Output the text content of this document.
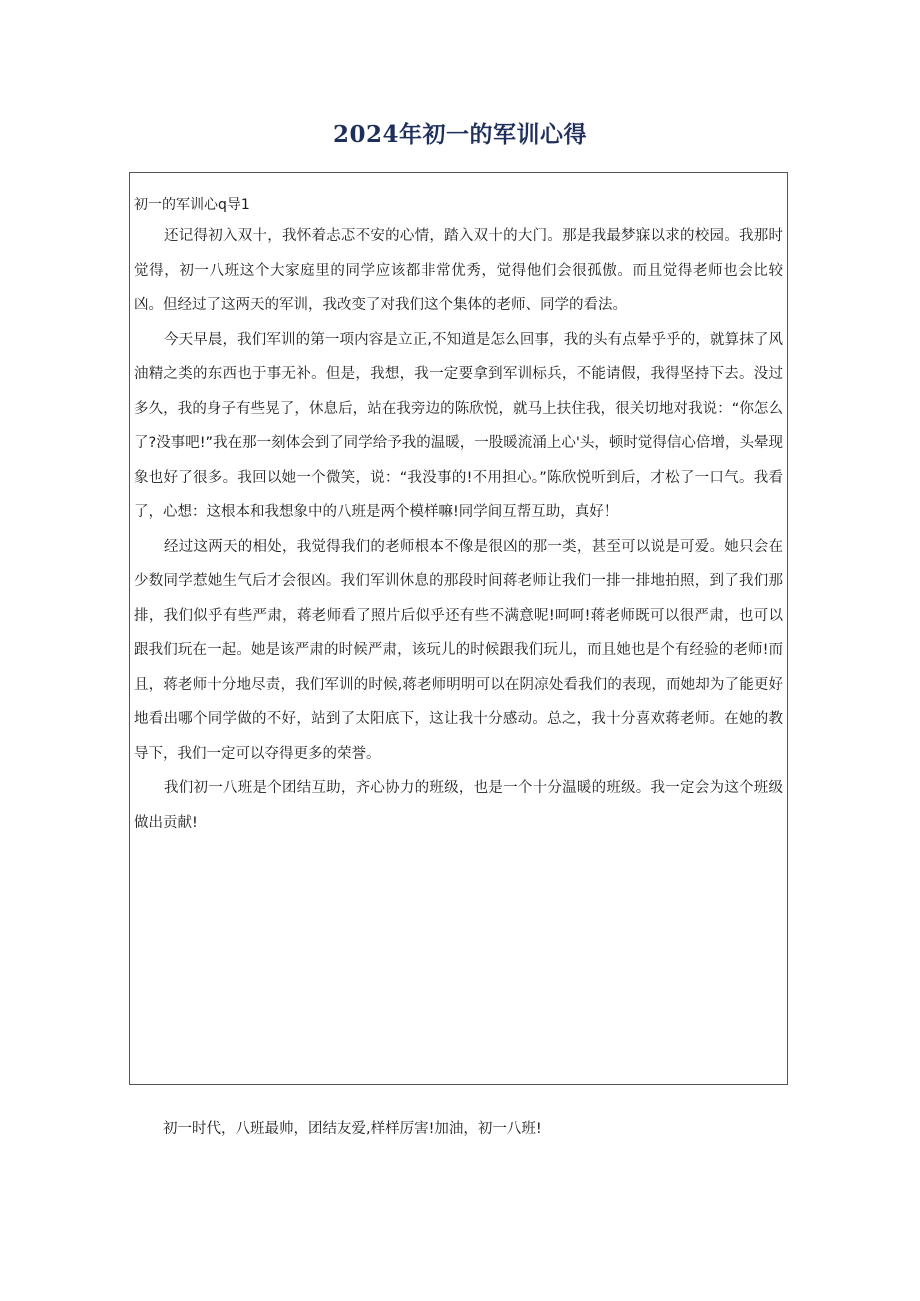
2024年初一的军训心得
初一的军训心q导1

还记得初入双十，我怀着忐忑不安的心情，踏入双十的大门。那是我最梦寐以求的校园。我那时觉得，初一八班这个大家庭里的同学应该都非常优秀，觉得他们会很孤傲。而且觉得老师也会比较凶。但经过了这两天的军训，我改变了对我们这个集体的老师、同学的看法。

今天早晨，我们军训的第一项内容是立正,不知道是怎么回事，我的头有点晕乎乎的，就算抹了风油精之类的东西也于事无补。但是，我想，我一定要拿到军训标兵，不能请假，我得坚持下去。没过多久，我的身子有些晃了，休息后，站在我旁边的陈欣悦，就马上扶住我，很关切地对我说：“你怎么了?没事吧!”我在那一刻体会到了同学给予我的温暖，一股暖流涌上心'头，顿时觉得信心倍增，头晕现象也好了很多。我回以她一个微笑，说：“我没事的!不用担心。”陈欣悦听到后，才松了一口气。我看了，心想：这根本和我想象中的八班是两个模样嘛!同学间互帮互助，真好！

经过这两天的相处，我觉得我们的老师根本不像是很凶的那一类，甚至可以说是可爱。她只会在少数同学惹她生气后才会很凶。我们军训休息的那段时间蒋老师让我们一排一排地拍照，到了我们那排，我们似乎有些严肃，蒋老师看了照片后似乎还有些不满意呢!呵呵!蒋老师既可以很严肃，也可以跟我们玩在一起。她是该严肃的时候严肃，该玩儿的时候跟我们玩儿，而且她也是个有经验的老师!而且，蒋老师十分地尽责，我们军训的时候,蒋老师明明可以在阴凉处看我们的表现，而她却为了能更好地看出哪个同学做的不好，站到了太阳底下，这让我十分感动。总之，我十分喜欢蒋老师。在她的教导下，我们一定可以夺得更多的荣誉。

我们初一八班是个团结互助，齐心协力的班级，也是一个十分温暖的班级。我一定会为这个班级做出贡献!

初一时代，八班最帅，团结友爱,样样厉害!加油，初一八班!
